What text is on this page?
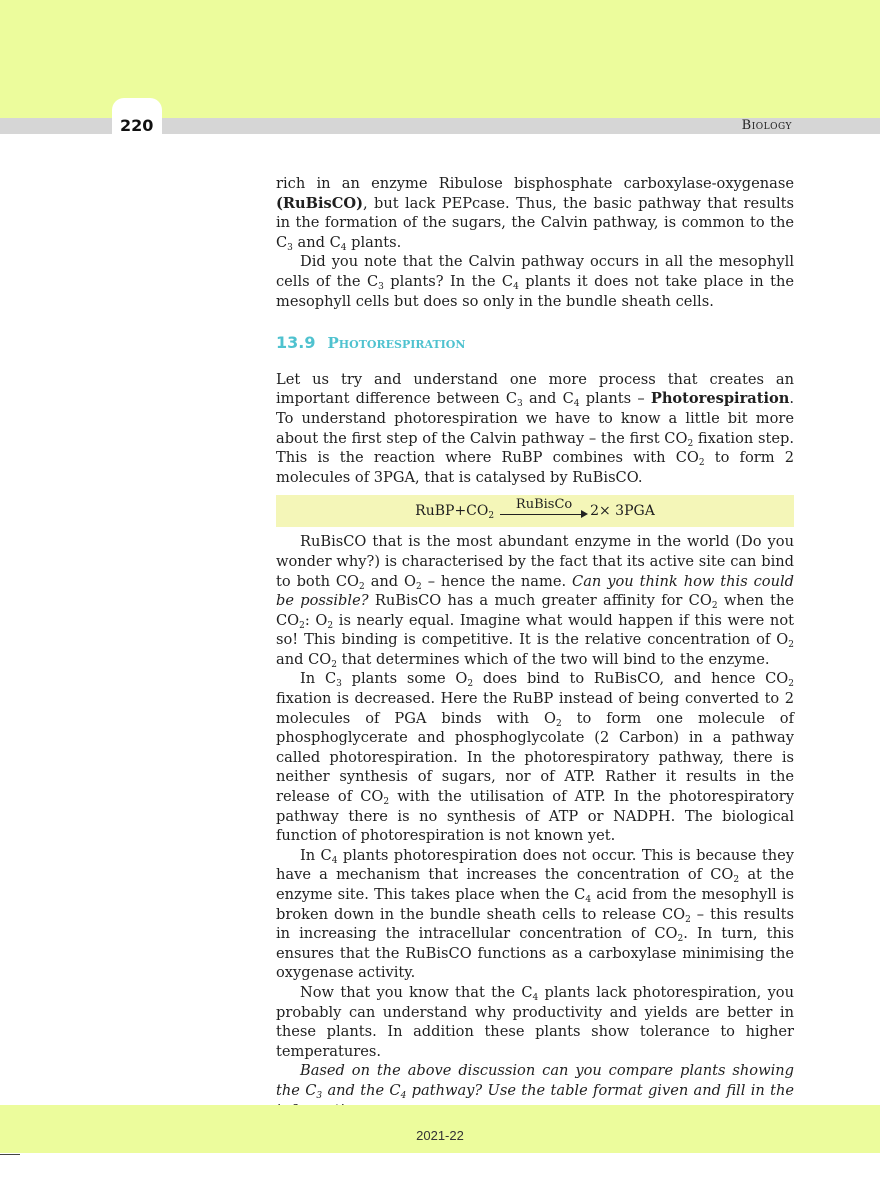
220	Biology

rich in an enzyme Ribulose bisphosphate carboxylase-oxygenase (RuBisCO), but lack PEPcase. Thus, the basic pathway that results in the formation of the sugars, the Calvin pathway, is common to the $C_3$ and $C_4$ plants.

Did you note that the Calvin pathway occurs in all the mesophyll cells of the $C_3$ plants? In the $C_4$ plants it does not take place in the mesophyll cells but does so only in the bundle sheath cells.

13.9 Photorespiration

Let us try and understand one more process that creates an important difference between $C_3$ and $C_4$ plants – Photorespiration. To understand photorespiration we have to know a little bit more about the first step of the Calvin pathway – the first $CO_2$ fixation step. This is the reaction where RuBP combines with $CO_2$ to form 2 molecules of 3PGA, that is catalysed by RuBisCO.

$RuBP+CO_2$
RuBisCo	2× 3PGA

RuBisCO that is the most abundant enzyme in the world (Do you wonder why?) is characterised by the fact that its active site can bind to both $CO_2$ and $O_2$ – hence the name. Can you think how this could be possible? RuBisCO has a much greater affinity for $CO_2$ when the $CO_2$: $O_2$ is nearly equal. Imagine what would happen if this were not so! This binding is competitive. It is the relative concentration of $O_2$ and $CO_2$ that determines which of the two will bind to the enzyme.

In $C_3$ plants some $O_2$ does bind to RuBisCO, and hence $CO_2$ fixation is decreased. Here the RuBP instead of being converted to 2 molecules of PGA binds with $O_2$ to form one molecule of phosphoglycerate and phosphoglycolate (2 Carbon) in a pathway called photorespiration. In the photorespiratory pathway, there is neither synthesis of sugars, nor of ATP. Rather it results in the release of $CO_2$ with the utilisation of ATP. In the photorespiratory pathway there is no synthesis of ATP or NADPH. The biological function of photorespiration is not known yet.

In $C_4$ plants photorespiration does not occur. This is because they have a mechanism that increases the concentration of $CO_2$ at the enzyme site. This takes place when the $C_4$ acid from the mesophyll is broken down in the bundle sheath cells to release $CO_2$ – this results in increasing the intracellular concentration of $CO_2$. In turn, this ensures that the RuBisCO functions as a carboxylase minimising the oxygenase activity.

Now that you know that the $C_4$ plants lack photorespiration, you probably can understand why productivity and yields are better in these plants. In addition these plants show tolerance to higher temperatures.

Based on the above discussion can you compare plants showing the $C_3$ and the $C_4$ pathway? Use the table format given and fill in the

2021-22
